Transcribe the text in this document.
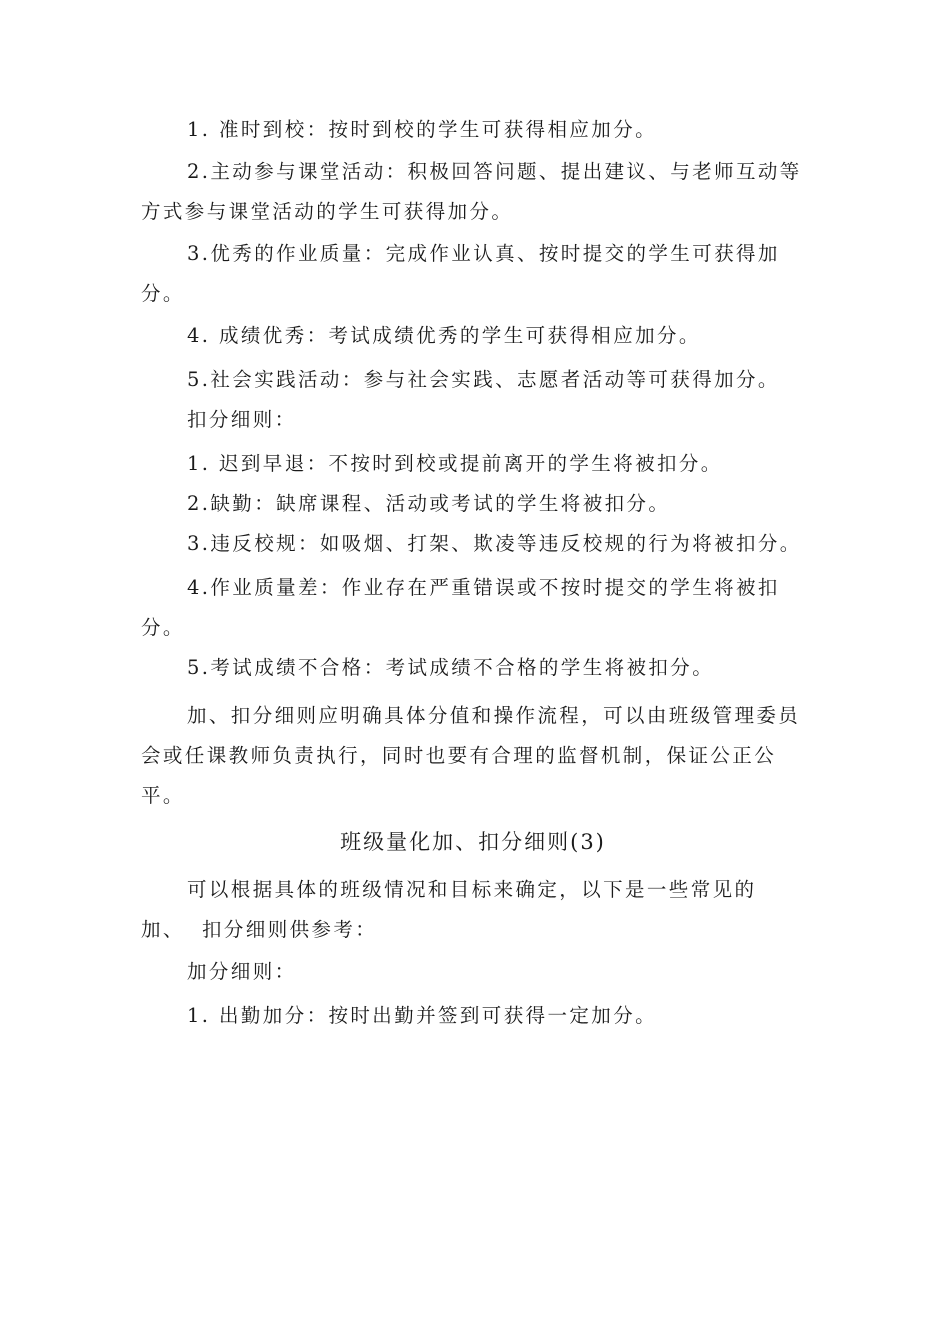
1. 准时到校：按时到校的学生可获得相应加分。

2.主动参与课堂活动：积极回答问题、提出建议、与老师互动等
方式参与课堂活动的学生可获得加分。

3.优秀的作业质量：完成作业认真、按时提交的学生可获得加
分。

4. 成绩优秀：考试成绩优秀的学生可获得相应加分。

5.社会实践活动：参与社会实践、志愿者活动等可获得加分。

扣分细则：

1. 迟到早退：不按时到校或提前离开的学生将被扣分。

2.缺勤：缺席课程、活动或考试的学生将被扣分。

3.违反校规：如吸烟、打架、欺凌等违反校规的行为将被扣分。

4.作业质量差：作业存在严重错误或不按时提交的学生将被扣
分。

5.考试成绩不合格：考试成绩不合格的学生将被扣分。

加、扣分细则应明确具体分值和操作流程，可以由班级管理委员
会或任课教师负责执行，同时也要有合理的监督机制，保证公正公
平。

班级量化加、扣分细则(3)

可以根据具体的班级情况和目标来确定，以下是一些常见的
加、  扣分细则供参考：

加分细则：

1. 出勤加分：按时出勤并签到可获得一定加分。
